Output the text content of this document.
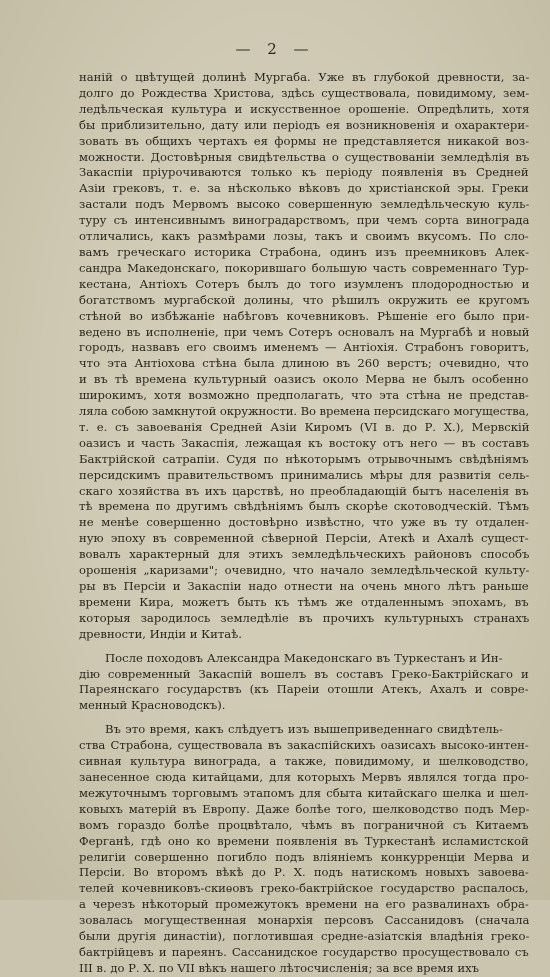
— 2 —
наній о цвѣтущей долинѣ Мургаба. Уже въ глубокой древности, за-
долго до Рождества Христова, здѣсь существовала, повидимому, зем-
ледѣльческая культура и искусственное орошеніе. Опредѣлить, хотя
бы приблизительно, дату или періодъ ея возникновенія и охарактери-
зовать въ общихъ чертахъ ея формы не представляется никакой воз-
можности. Достовѣрныя свидѣтельства о существованіи земледѣлія въ
Закаспіи пріурочиваются только къ періоду появленія въ Средней
Азіи грековъ, т. е. за нѣсколько вѣковъ до христіанской эры. Греки
застали подъ Мервомъ высоко совершенную земледѣльческую куль-
туру съ интенсивнымъ виноградарствомъ, при чемъ сорта винограда
отличались, какъ размѣрами лозы, такъ и своимъ вкусомъ. По сло-
вамъ греческаго историка Страбона, одинъ изъ преемниковъ Алек-
сандра Македонскаго, покорившаго большую часть современнаго Тур-
кестана, Антіохъ Сотеръ былъ до того изумленъ плодородностью и
богатствомъ мургабской долины, что рѣшилъ окружить ее кругомъ
стѣной во избѣжаніе набѣговъ кочевниковъ. Рѣшеніе его было при-
ведено въ исполненіе, при чемъ Сотеръ основалъ на Мургабѣ и новый
городъ, назвавъ его своимъ именемъ — Антіохія. Страбонъ говоритъ,
что эта Антіохова стѣна была длиною въ 260 верстъ; очевидно, что
и въ тѣ времена культурный оазисъ около Мерва не былъ особенно
широкимъ, хотя возможно предполагать, что эта стѣна не представ-
ляла собою замкнутой окружности. Во времена персидскаго могущества,
т. е. съ завоеванія Средней Азіи Киромъ (VI в. до Р. Х.), Мервскій
оазисъ и часть Закаспія, лежащая къ востоку отъ него — въ составъ
Бактрійской сатрапіи. Судя по нѣкоторымъ отрывочнымъ свѣдѣніямъ
персидскимъ правительствомъ принимались мѣры для развитія сель-
скаго хозяйства въ ихъ царствѣ, но преобладающій бытъ населенія въ
тѣ времена по другимъ свѣдѣніямъ былъ скорѣе скотоводческій. Тѣмъ
не менѣе совершенно достовѣрно извѣстно, что уже въ ту отдален-
ную эпоху въ современной сѣверной Персіи, Атекѣ и Ахалѣ сущест-
вовалъ характерный для этихъ земледѣльческихъ районовъ способъ
орошенія „каризами"; очевидно, что начало земледѣльческой культу-
ры въ Персіи и Закаспіи надо отнести на очень много лѣтъ раньше
времени Кира, можетъ быть къ тѣмъ же отдаленнымъ эпохамъ, въ
которыя зародилось земледѣліе въ прочихъ культурныхъ странахъ
древности, Индіи и Китаѣ.
После походовъ Александра Македонскаго въ Туркестанъ и Ин-
дію современный Закаспій вошелъ въ составъ Греко-Бактрійскаго и
Пареянскаго государствъ (къ Пареіи отошли Атекъ, Ахалъ и совре-
менный Красноводскъ).
Въ это время, какъ слѣдуетъ изъ вышеприведеннаго свидѣтель-
ства Страбона, существовала въ закаспійскихъ оазисахъ высоко-интен-
сивная культура винограда, а также, повидимому, и шелководство,
занесенное сюда китайцами, для которыхъ Мервъ являлся тогда про-
межуточнымъ торговымъ этапомъ для сбыта китайскаго шелка и шел-
ковыхъ матерій въ Европу. Даже болѣе того, шелководство подъ Мер-
вомъ гораздо болѣе процвѣтало, чѣмъ въ пограничной съ Китаемъ
Ферганѣ, гдѣ оно ко времени появленія въ Туркестанѣ исламистской
религіи совершенно погибло подъ вліяніемъ конкурренціи Мерва и
Персіи. Во второмъ вѣкѣ до Р. Х. подъ натискомъ новыхъ завоева-
телей кочевниковъ-скиѳовъ греко-бактрійское государство распалось,
а черезъ нѣкоторый промежутокъ времени на его развалинахъ обра-
зовалась могущественная монархія персовъ Сассанидовъ (сначала
были другія династіи), поглотившая средне-азіатскія владѣнія греко-
бактрійцевъ и пареянъ. Сассанидское государство просуществовало съ
III в. до Р. Х. по VII вѣкъ нашего лѣтосчисленія; за все время ихъ
